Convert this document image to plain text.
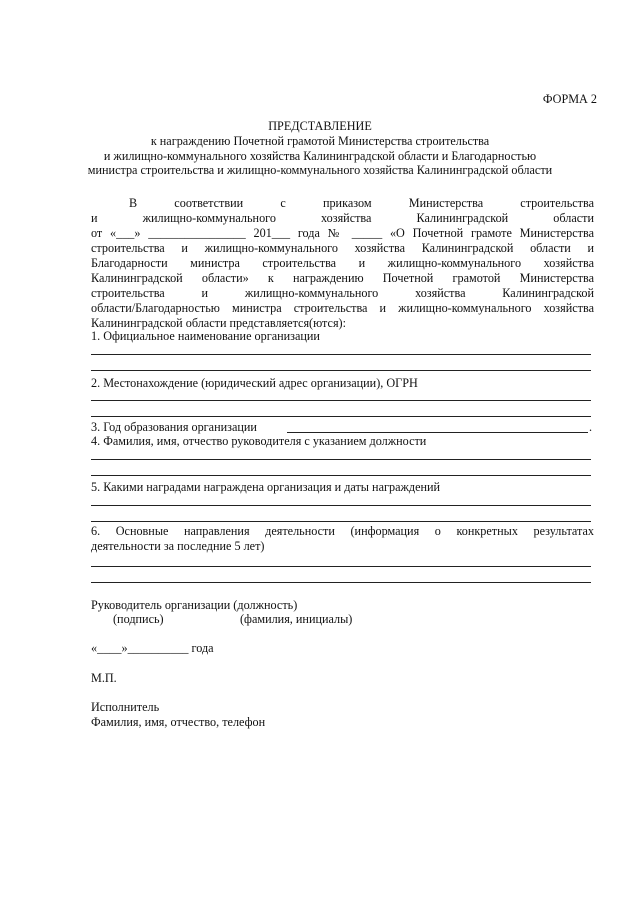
ФОРМА 2
ПРЕДСТАВЛЕНИЕ
к награждению Почетной грамотой Министерства строительства
и жилищно-коммунального хозяйства Калининградской области и Благодарностью
министра строительства и жилищно-коммунального хозяйства Калининградской области
В соответствии с приказом Министерства строительства
и жилищно-коммунального хозяйства Калининградской области
от «___» ________________ 201___ года № _____ «О Почетной грамоте Министерства
строительства и жилищно-коммунального хозяйства Калининградской области и
Благодарности министра строительства и жилищно-коммунального хозяйства
Калининградской области» к награждению Почетной грамотой Министерства
строительства и жилищно-коммунального хозяйства Калининградской
области/Благодарностью министра строительства и жилищно-коммунального хозяйства
Калининградской области представляется(ются):
1. Официальное наименование организации
2. Местонахождение (юридический адрес организации), ОГРН
3. Год образования организации	.
4. Фамилия, имя, отчество руководителя с указанием должности
5. Какими наградами награждена организация и даты награждений
6. Основные направления деятельности (информация о конкретных результатах
деятельности за последние 5 лет)
Руководитель организации (должность)
(подпись)	(фамилия, инициалы)
«____»__________ года
М.П.
Исполнитель
Фамилия, имя, отчество, телефон
